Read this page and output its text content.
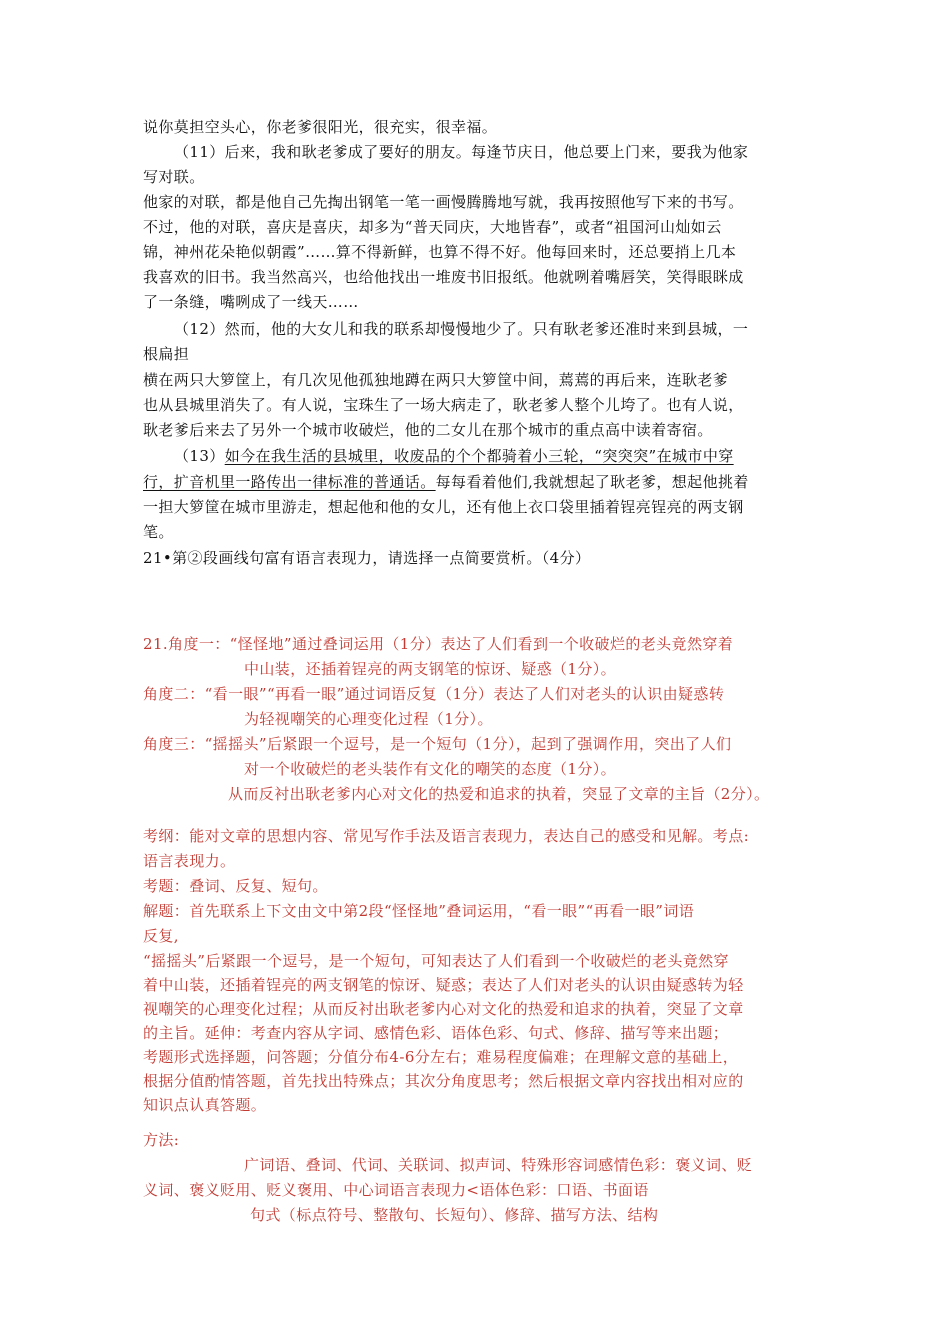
说你莫担空头心，你老爹很阳光，很充实，很幸福。
（11）后来，我和耿老爹成了要好的朋友。每逢节庆日，他总要上门来，要我为他家
写对联。
他家的对联，都是他自己先掏出钢笔一笔一画慢腾腾地写就，我再按照他写下来的书写。
不过，他的对联，喜庆是喜庆，却多为“普天同庆，大地皆春”，或者“祖国河山灿如云
锦，神州花朵艳似朝霞”……算不得新鲜，也算不得不好。他每回来时，还总要捎上几本
我喜欢的旧书。我当然高兴，也给他找出一堆废书旧报纸。他就咧着嘴唇笑，笑得眼眯成
了一条缝，嘴咧成了一线天……
（12）然而，他的大女儿和我的联系却慢慢地少了。只有耿老爹还准时来到县城，一
根扁担
横在两只大箩筐上，有几次见他孤独地蹲在两只大箩筐中间，蔫蔫的再后来，连耿老爹
也从县城里消失了。有人说，宝珠生了一场大病走了，耿老爹人整个儿垮了。也有人说，
耿老爹后来去了另外一个城市收破烂，他的二女儿在那个城市的重点高中读着寄宿。
（13）如今在我生活的县城里，收废品的个个都骑着小三轮，“突突突”在城市中穿
行，扩音机里一路传出一律标准的普通话。每每看着他们,我就想起了耿老爹，想起他挑着
一担大箩筐在城市里游走，想起他和他的女儿，还有他上衣口袋里插着锃亮锃亮的两支钢
笔。
21•第②段画线句富有语言表现力，请选择一点简要赏析。（4分）
21.角度一：“怪怪地”通过叠词运用（1分）表达了人们看到一个收破烂的老头竟然穿着
中山装，还插着锃亮的两支钢笔的惊讶、疑惑（1分）。
角度二：“看一眼”“再看一眼”通过词语反复（1分）表达了人们对老头的认识由疑惑转
为轻视嘲笑的心理变化过程（1分）。
角度三：“摇摇头”后紧跟一个逗号，是一个短句（1分），起到了强调作用，突出了人们
对一个收破烂的老头装作有文化的嘲笑的态度（1分）。
从而反衬出耿老爹内心对文化的热爱和追求的执着，突显了文章的主旨（2分）。
考纲：能对文章的思想内容、常见写作手法及语言表现力，表达自己的感受和见解。考点:
语言表现力。
考题：叠词、反复、短句。
解题：首先联系上下文由文中第2段“怪怪地”叠词运用，“看一眼”“再看一眼”词语
反复,
“摇摇头”后紧跟一个逗号，是一个短句，可知表达了人们看到一个收破烂的老头竟然穿
着中山装，还插着锃亮的两支钢笔的惊讶、疑惑；表达了人们对老头的认识由疑惑转为轻
视嘲笑的心理变化过程；从而反衬出耿老爹内心对文化的热爱和追求的执着，突显了文章
的主旨。延伸：考查内容从字词、感情色彩、语体色彩、句式、修辞、描写等来出题；
考题形式选择题，问答题；分值分布4-6分左右；难易程度偏难；在理解文意的基础上，
根据分值酌情答题，首先找出特殊点；其次分角度思考；然后根据文章内容找出相对应的
知识点认真答题。
方法:
广词语、叠词、代词、关联词、拟声词、特殊形容词感情色彩：褒义词、贬
义词、褒义贬用、贬义褒用、中心词语言表现力<语体色彩：口语、书面语
句式（标点符号、整散句、长短句）、修辞、描写方法、结构
